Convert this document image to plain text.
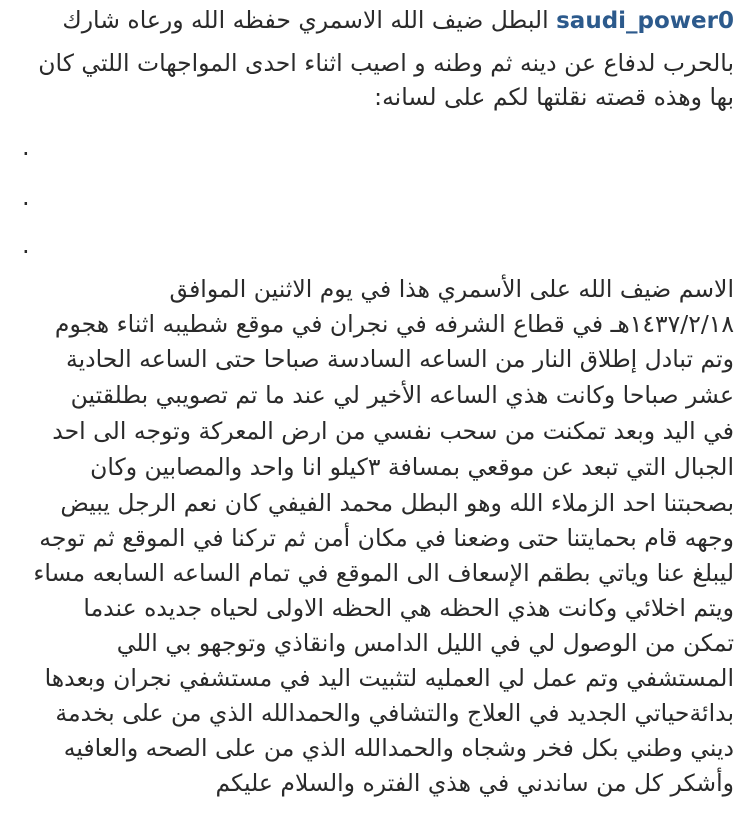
saudi_power0 البطل ضيف الله الاسمري حفظه الله ورعاه شارك
بالحرب لدفاع عن دينه ثم وطنه و اصيب اثناء احدى المواجهات اللتي كان
بها وهذه قصته نقلتها لكم على لسانه:
.
.
.
الاسم ضيف الله على الأسمري هذا في يوم الاثنين الموافق
١٤٣٧/٢/١٨هـ في قطاع الشرفه في نجران في موقع شطيبه اثناء هجوم
وتم تبادل إطلاق النار من الساعه السادسة صباحا حتى الساعه الحادية
عشر صباحا وكانت هذي الساعه الأخير لي عند ما تم تصويبي بطلقتين
في اليد وبعد تمكنت من سحب نفسي من ارض المعركة وتوجه الى احد
الجبال التي تبعد عن موقعي بمسافة ٣كيلو انا واحد والمصابين وكان
بصحبتنا احد الزملاء الله وهو البطل محمد الفيفي كان نعم الرجل يبيض
وجهه قام بحمايتنا حتى وضعنا في مكان أمن ثم تركنا في الموقع ثم توجه
ليبلغ عنا وياتي بطقم الإسعاف الى الموقع في تمام الساعه السابعه مساء
ويتم اخلائي وكانت هذي الحظه هي الحظه الاولى لحياه جديده عندما
تمكن من الوصول لي في الليل الدامس وانقاذي وتوجهو بي اللي
المستشفي وتم عمل لي العمليه لتثبيت اليد في مستشفي نجران وبعدها
بدائةحياتي الجديد في العلاج والتشافي والحمدالله الذي من على بخدمة
ديني وطني بكل فخر وشجاه والحمدالله الذي من على الصحه والعافيه
وأشكر كل من ساندني في هذي الفتره والسلام عليكم
